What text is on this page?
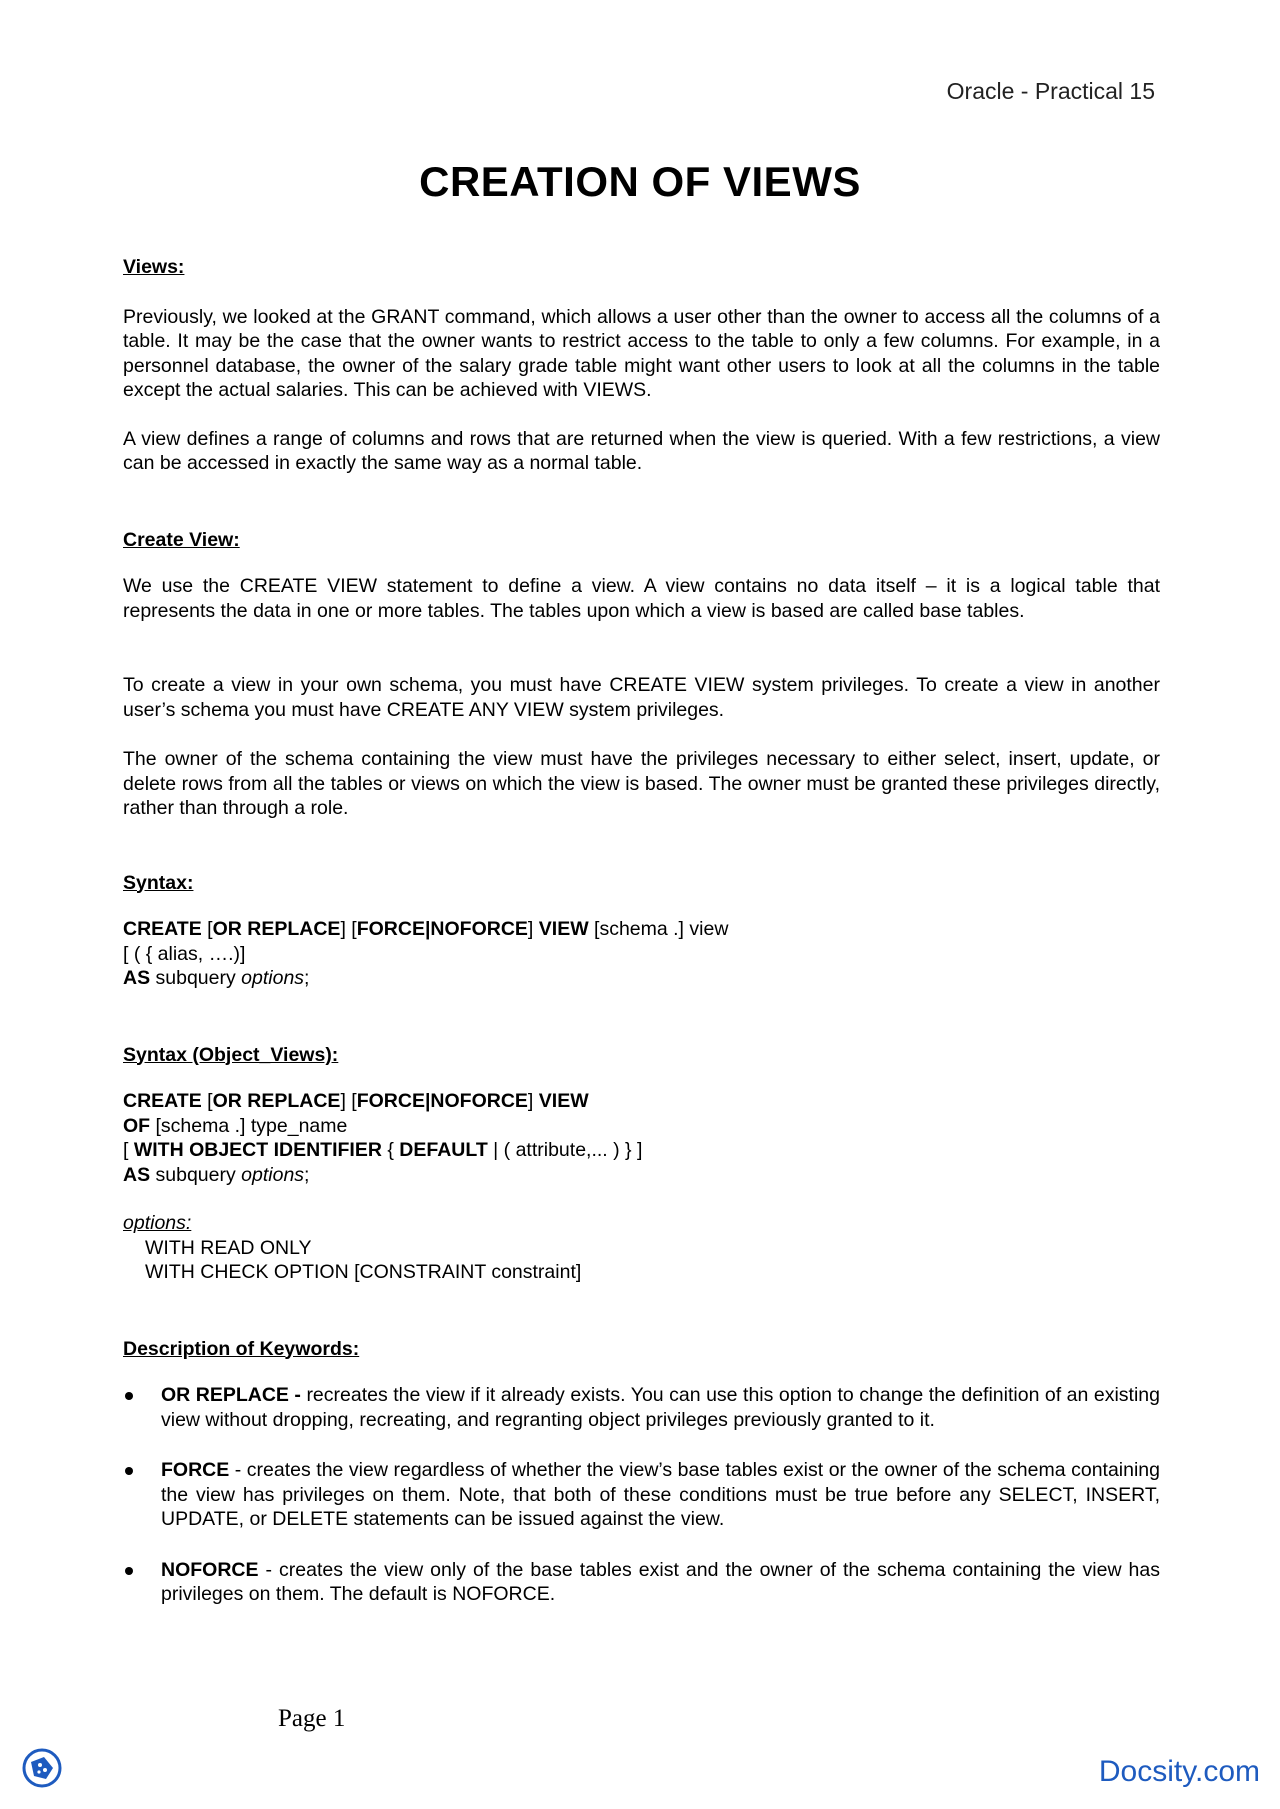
Oracle - Practical 15
CREATION OF VIEWS
Views:

Previously, we looked at the GRANT command, which allows a user other than the owner to access all the columns of a table. It may be the case that the owner wants to restrict access to the table to only a few columns. For example, in a personnel database, the owner of the salary grade table might want other users to look at all the columns in the table except the actual salaries. This can be achieved with VIEWS.

A view defines a range of columns and rows that are returned when the view is queried. With a few restrictions, a view can be accessed in exactly the same way as a normal table.

Create View:

We use the CREATE VIEW statement to define a view. A view contains no data itself – it is a logical table that represents the data in one or more tables. The tables upon which a view is based are called base tables.

To create a view in your own schema, you must have CREATE VIEW system privileges. To create a view in another user’s schema you must have CREATE ANY VIEW system privileges.

The owner of the schema containing the view must have the privileges necessary to either select, insert, update, or delete rows from all the tables or views on which the view is based. The owner must be granted these privileges directly, rather than through a role.

Syntax:
CREATE [OR REPLACE] [FORCE|NOFORCE] VIEW [schema .] view
[ ( { alias, ….)]
AS subquery options;
Syntax (Object_Views):
CREATE [OR REPLACE] [FORCE|NOFORCE] VIEW
OF [schema .] type_name
[ WITH OBJECT IDENTIFIER { DEFAULT | ( attribute,... ) } ]
AS subquery options;
options:
WITH READ ONLY
WITH CHECK OPTION [CONSTRAINT constraint]
Description of Keywords:
OR REPLACE - recreates the view if it already exists. You can use this option to change the definition of an existing view without dropping, recreating, and regranting object privileges previously granted to it.
FORCE - creates the view regardless of whether the view’s base tables exist or the owner of the schema containing the view has privileges on them. Note, that both of these conditions must be true before any SELECT, INSERT, UPDATE, or DELETE statements can be issued against the view.
NOFORCE - creates the view only of the base tables exist and the owner of the schema containing the view has privileges on them. The default is NOFORCE.
Page 1
Docsity.com
